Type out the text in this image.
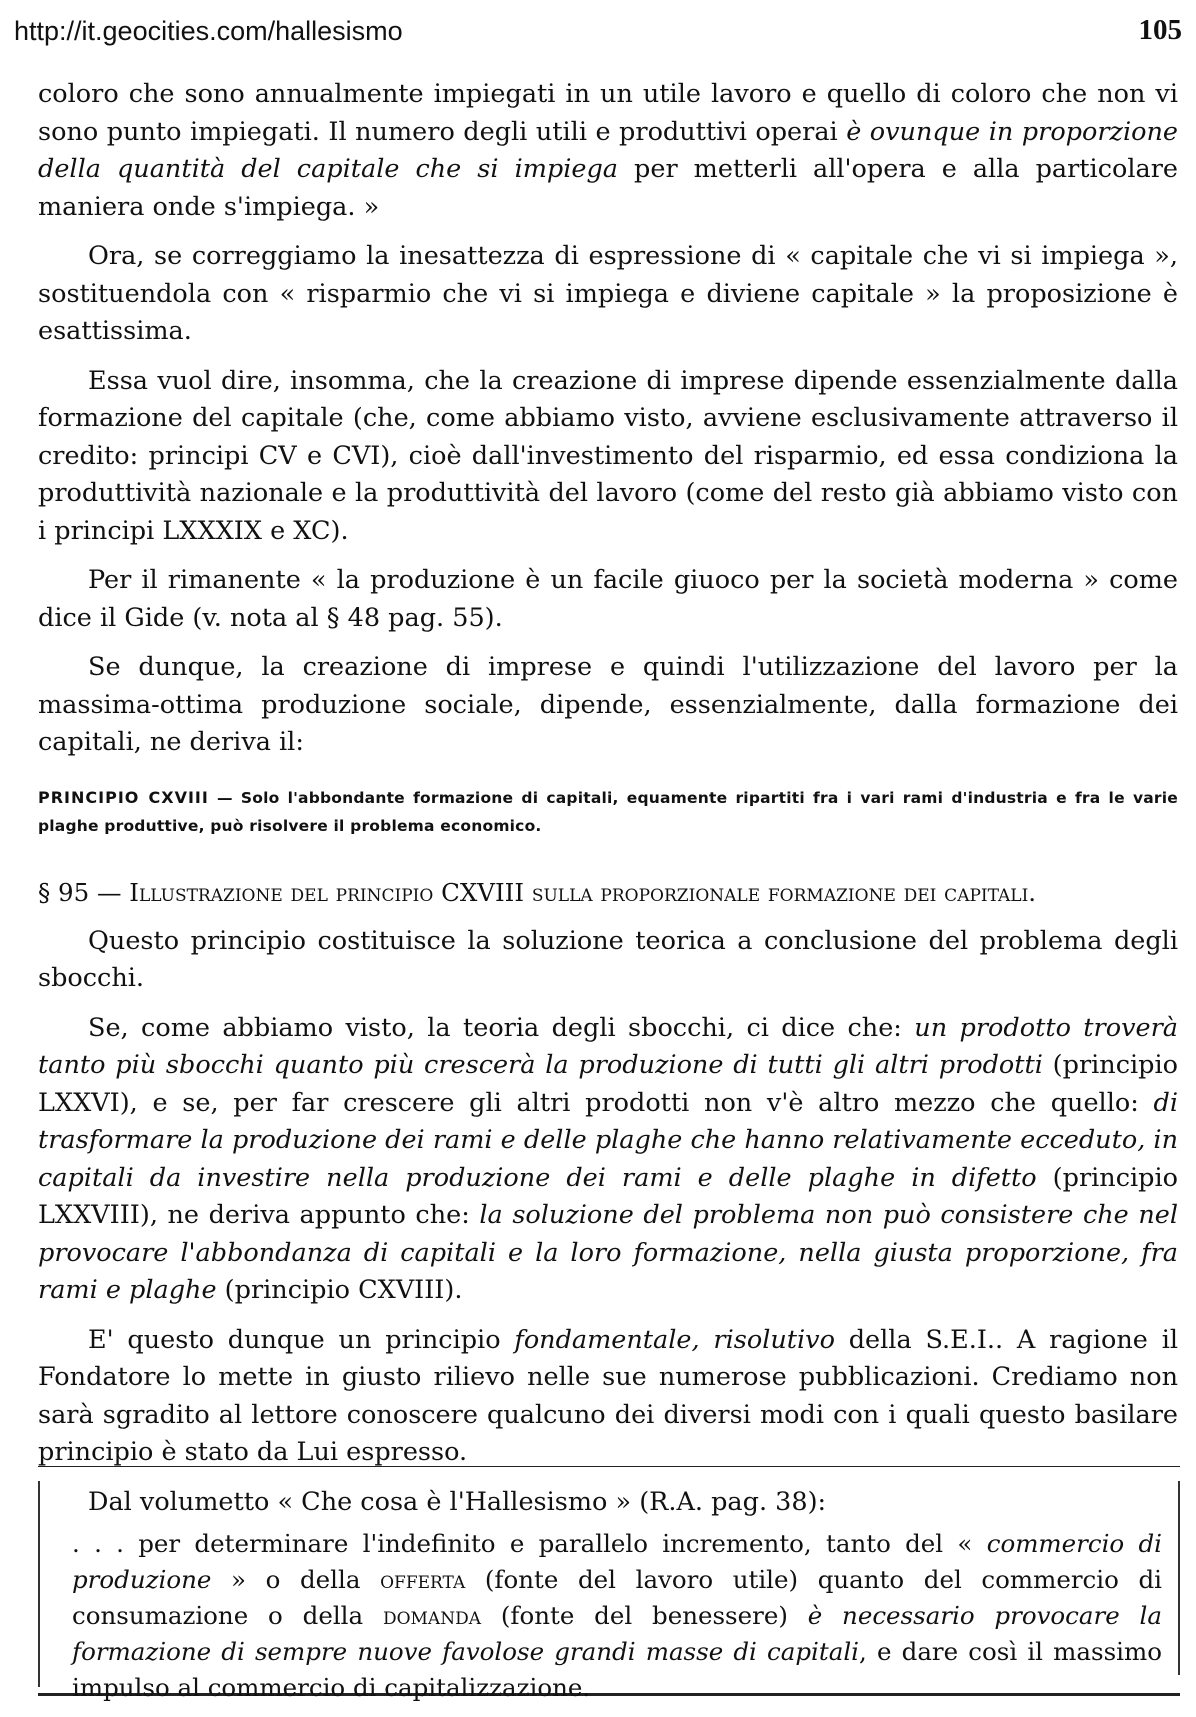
http://it.geocities.com/hallesismo	105

coloro che sono annualmente impiegati in un utile lavoro e quello di coloro che non vi sono punto impiegati. Il numero degli utili e produttivi operai è ovunque in proporzione della quantità del capitale che si impiega per metterli all'opera e alla particolare maniera onde s'impiega. »

Ora, se correggiamo la inesattezza di espressione di « capitale che vi si impiega », sostituendola con « risparmio che vi si impiega e diviene capitale » la proposizione è esattissima.

Essa vuol dire, insomma, che la creazione di imprese dipende essenzialmente dalla formazione del capitale (che, come abbiamo visto, avviene esclusivamente attraverso il credito: principi CV e CVI), cioè dall'investimento del risparmio, ed essa condiziona la produttività nazionale e la produttività del lavoro (come del resto già abbiamo visto con i principi LXXXIX e XC).

Per il rimanente « la produzione è un facile giuoco per la società moderna » come dice il Gide (v. nota al § 48 pag. 55).

Se dunque, la creazione di imprese e quindi l'utilizzazione del lavoro per la massima-ottima produzione sociale, dipende, essenzialmente, dalla formazione dei capitali, ne deriva il:

PRINCIPIO CXVIII — Solo l'abbondante formazione di capitali, equamente ripartiti fra i vari rami d'industria e fra le varie plaghe produttive, può risolvere il problema economico.

§ 95 — Illustrazione del principio CXVIII sulla proporzionale formazione dei capitali.

Questo principio costituisce la soluzione teorica a conclusione del problema degli sbocchi.

Se, come abbiamo visto, la teoria degli sbocchi, ci dice che: un prodotto troverà tanto più sbocchi quanto più crescerà la produzione di tutti gli altri prodotti (principio LXXVI), e se, per far crescere gli altri prodotti non v'è altro mezzo che quello: di trasformare la produzione dei rami e delle plaghe che hanno relativamente ecceduto, in capitali da investire nella produzione dei rami e delle plaghe in difetto (principio LXXVIII), ne deriva appunto che: la soluzione del problema non può consistere che nel provocare l'abbondanza di capitali e la loro formazione, nella giusta proporzione, fra rami e plaghe (principio CXVIII).

E' questo dunque un principio fondamentale, risolutivo della S.E.I.. A ragione il Fondatore lo mette in giusto rilievo nelle sue numerose pubblicazioni. Crediamo non sarà sgradito al lettore conoscere qualcuno dei diversi modi con i quali questo basilare principio è stato da Lui espresso.

Dal volumetto « Che cosa è l'Hallesismo » (R.A. pag. 38):

. . . per determinare l'indefinito e parallelo incremento, tanto del « commercio di produzione » o della offerta (fonte del lavoro utile) quanto del commercio di consumazione o della domanda (fonte del benessere) è necessario provocare la formazione di sempre nuove favolose grandi masse di capitali, e dare così il massimo impulso al commercio di capitalizzazione.
